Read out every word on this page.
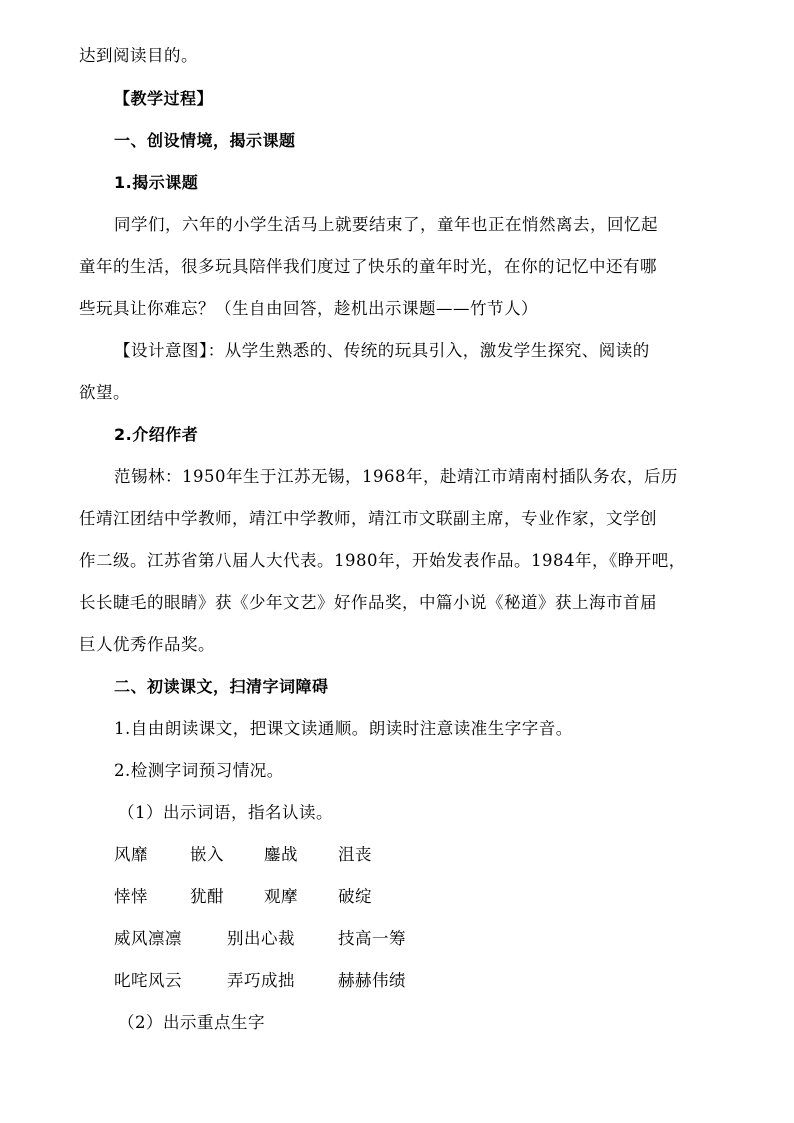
达到阅读目的。
【教学过程】
一、创设情境，揭示课题
1.揭示课题
同学们，六年的小学生活马上就要结束了，童年也正在悄然离去，回忆起
童年的生活，很多玩具陪伴我们度过了快乐的童年时光，在你的记忆中还有哪
些玩具让你难忘？（生自由回答，趁机出示课题——竹节人）
【设计意图】：从学生熟悉的、传统的玩具引入，激发学生探究、阅读的
欲望。
2.介绍作者
范锡林：1950年生于江苏无锡，1968年，赴靖江市靖南村插队务农，后历
任靖江团结中学教师，靖江中学教师，靖江市文联副主席，专业作家，文学创
作二级。江苏省第八届人大代表。1980年，开始发表作品。1984年，《睁开吧，
长长睫毛的眼睛》获《少年文艺》好作品奖，中篇小说《秘道》获上海市首届
巨人优秀作品奖。
二、初读课文，扫清字词障碍
1.自由朗读课文，把课文读通顺。朗读时注意读准生字字音。
2.检测字词预习情况。
（1）出示词语，指名认读。
风靡	嵌入 鏖战 沮丧
悻悻	犹酣 观摩 破绽
威风凛凛	别出心裁	技高一筹
叱咤风云	弄巧成拙	赫赫伟绩
（2）出示重点生字
